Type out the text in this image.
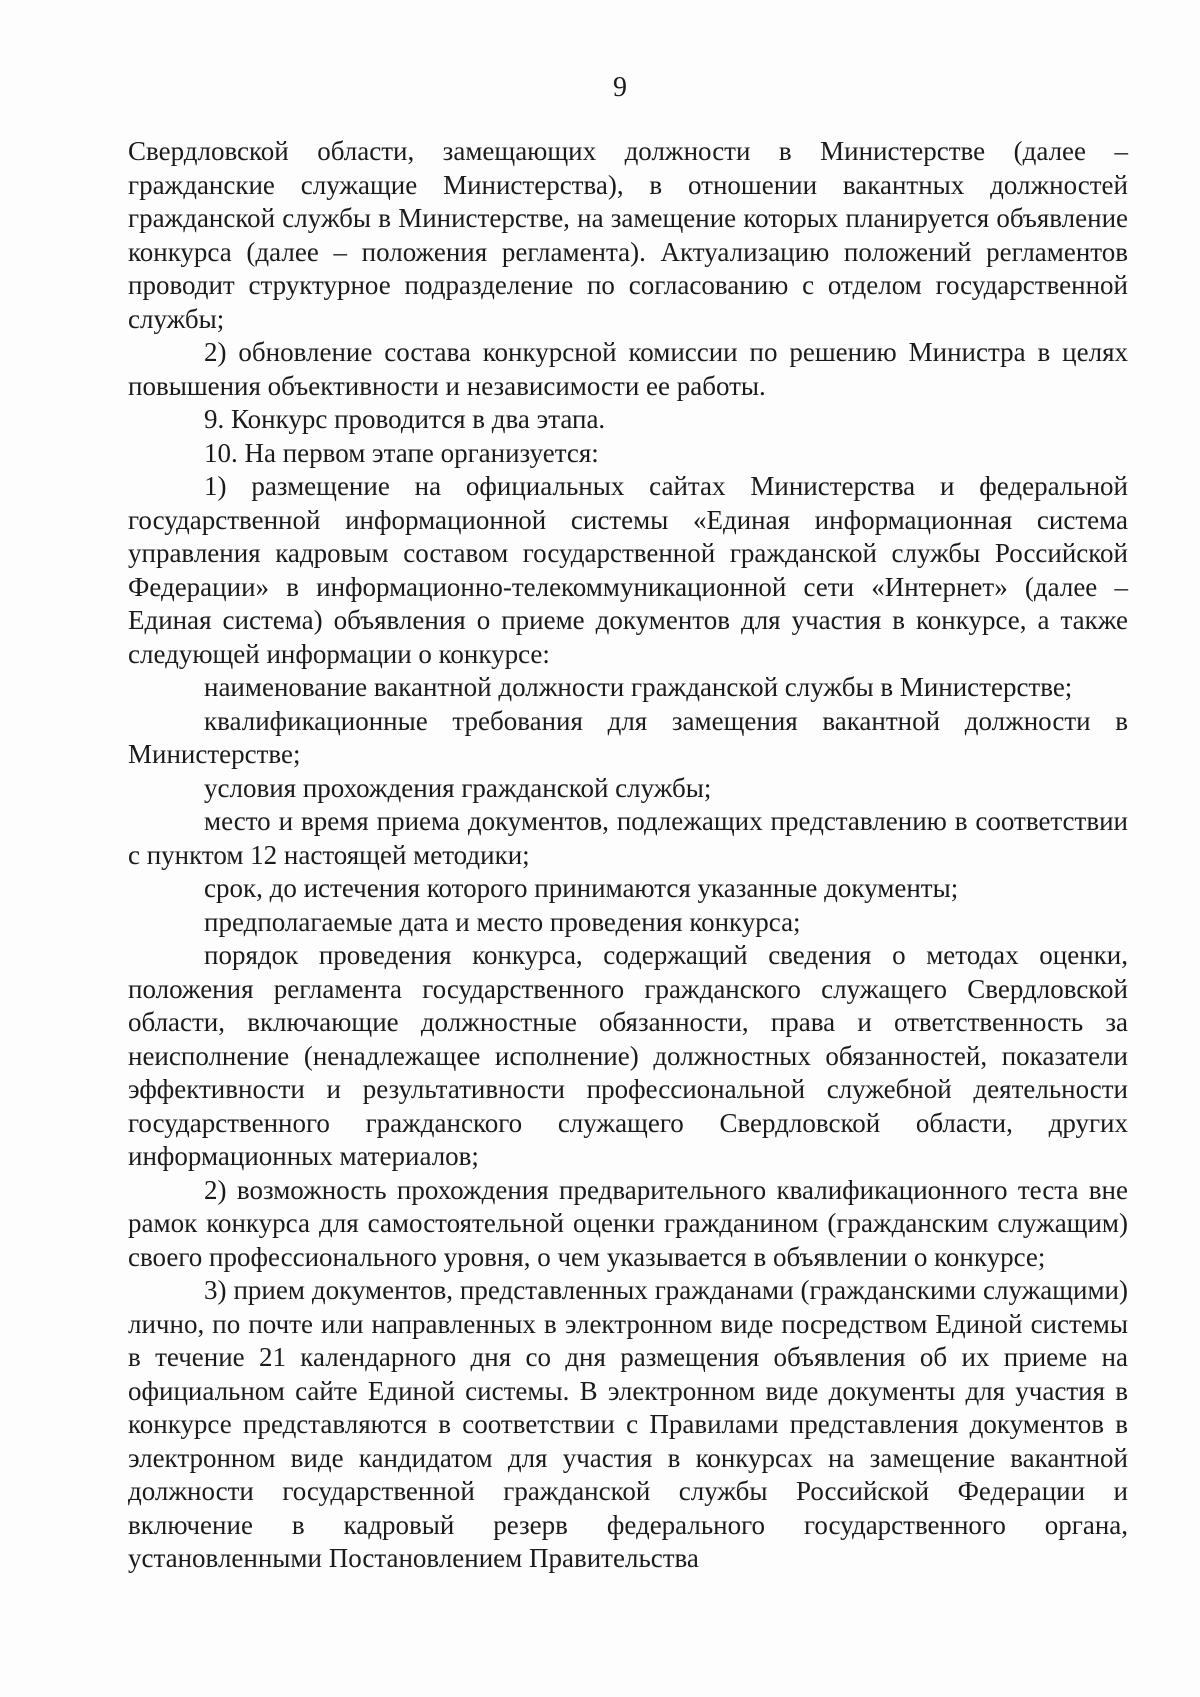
9

Свердловской области, замещающих должности в Министерстве (далее – гражданские служащие Министерства), в отношении вакантных должностей гражданской службы в Министерстве, на замещение которых планируется объявление конкурса (далее – положения регламента). Актуализацию положений регламентов проводит структурное подразделение по согласованию с отделом государственной службы;

2) обновление состава конкурсной комиссии по решению Министра в целях повышения объективности и независимости ее работы.

9. Конкурс проводится в два этапа.

10. На первом этапе организуется:

1) размещение на официальных сайтах Министерства и федеральной государственной информационной системы «Единая информационная система управления кадровым составом государственной гражданской службы Российской Федерации» в информационно-телекоммуникационной сети «Интернет» (далее – Единая система) объявления о приеме документов для участия в конкурсе, а также следующей информации о конкурсе:

наименование вакантной должности гражданской службы в Министерстве;

квалификационные требования для замещения вакантной должности в Министерстве;

условия прохождения гражданской службы;

место и время приема документов, подлежащих представлению в соответствии с пунктом 12 настоящей методики;

срок, до истечения которого принимаются указанные документы;

предполагаемые дата и место проведения конкурса;

порядок проведения конкурса, содержащий сведения о методах оценки, положения регламента государственного гражданского служащего Свердловской области, включающие должностные обязанности, права и ответственность за неисполнение (ненадлежащее исполнение) должностных обязанностей, показатели эффективности и результативности профессиональной служебной деятельности государственного гражданского служащего Свердловской области, других информационных материалов;

2) возможность прохождения предварительного квалификационного теста вне рамок конкурса для самостоятельной оценки гражданином (гражданским служащим) своего профессионального уровня, о чем указывается в объявлении о конкурсе;

3) прием документов, представленных гражданами (гражданскими служащими) лично, по почте или направленных в электронном виде посредством Единой системы в течение 21 календарного дня со дня размещения объявления об их приеме на официальном сайте Единой системы. В электронном виде документы для участия в конкурсе представляются в соответствии с Правилами представления документов в электронном виде кандидатом для участия в конкурсах на замещение вакантной должности государственной гражданской службы Российской Федерации и включение в кадровый резерв федерального государственного органа, установленными Постановлением Правительства
